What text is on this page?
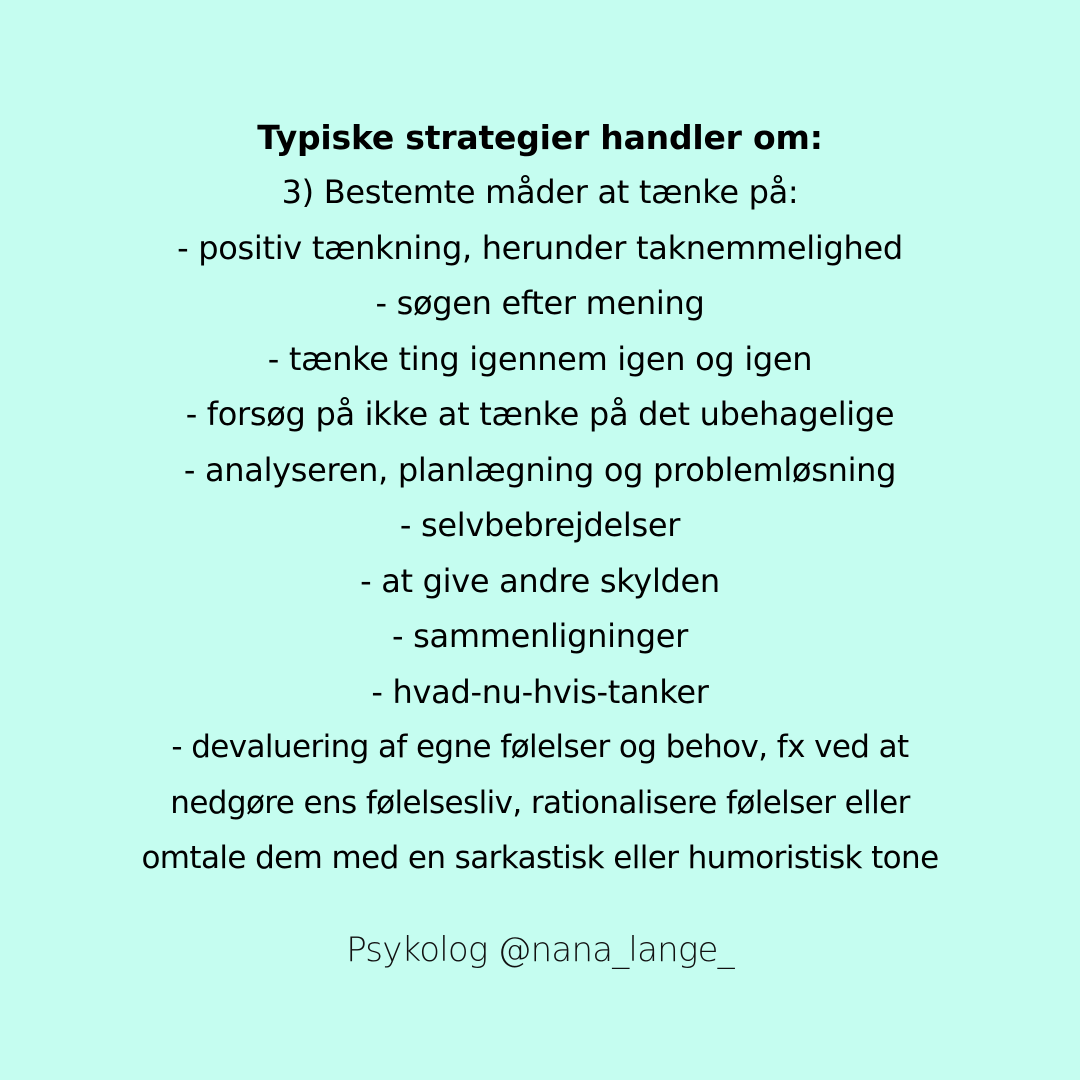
Typiske strategier handler om:
3) Bestemte måder at tænke på:
- positiv tænkning, herunder taknemmelighed
- søgen efter mening
- tænke ting igennem igen og igen
- forsøg på ikke at tænke på det ubehagelige
- analyseren, planlægning og problemløsning
- selvbebrejdelser
- at give andre skylden
- sammenligninger
- hvad-nu-hvis-tanker
- devaluering af egne følelser og behov, fx ved at
nedgøre ens følelsesliv, rationalisere følelser eller
omtale dem med en sarkastisk eller humoristisk tone
Psykolog @nana_lange_
